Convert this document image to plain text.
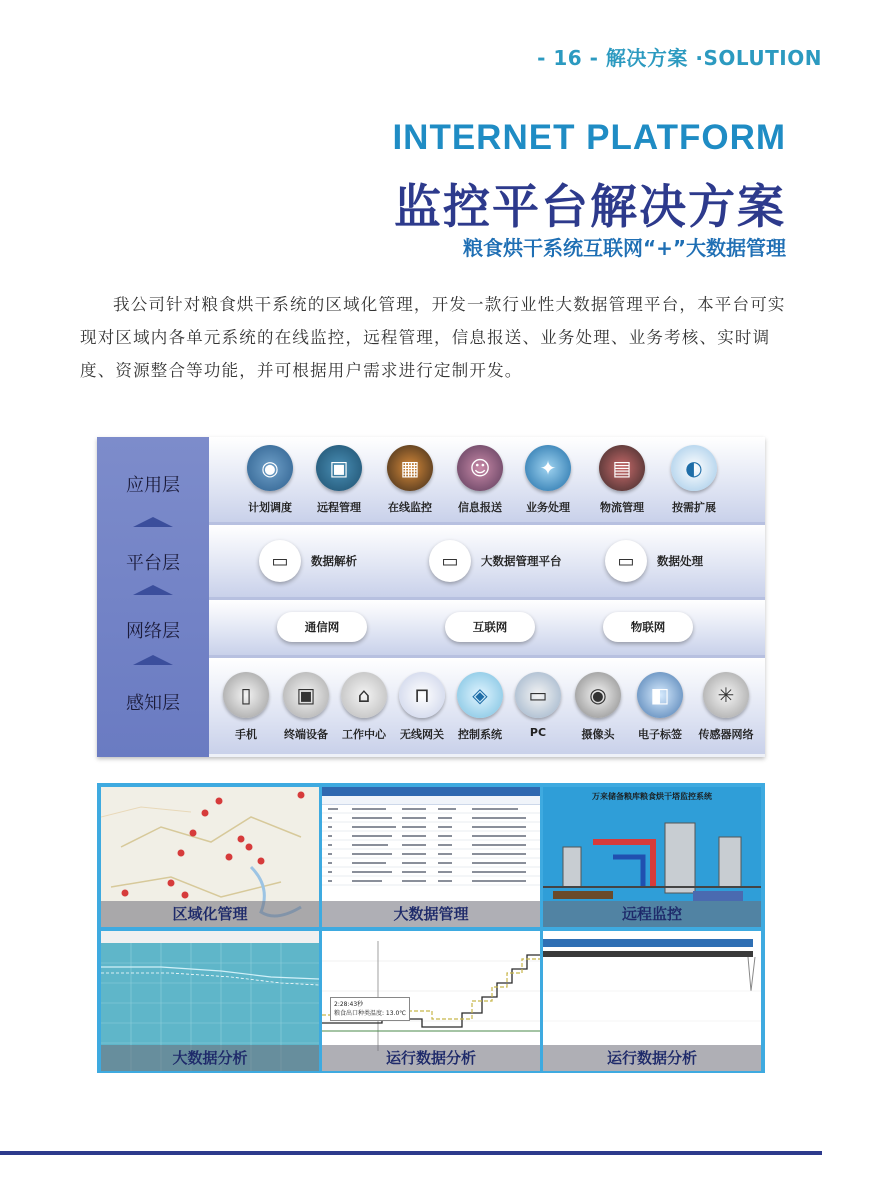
- 16 - 解决方案 ·SOLUTION
INTERNET PLATFORM
监控平台解决方案
粮食烘干系统互联网“+”大数据管理
我公司针对粮食烘干系统的区域化管理，开发一款行业性大数据管理平台，本平台可实现对区域内各单元系统的在线监控，远程管理，信息报送、业务处理、业务考核、实时调度、资源整合等功能，并可根据用户需求进行定制开发。
应用层
平台层
网络层
感知层
◉
计划调度
▣
远程管理
▦
在线监控
☺
信息报送
✦
业务处理
▤
物流管理
◐
按需扩展
▭	数据解析	▭	大数据管理平台	▭	数据处理
通信网	互联网	物联网
▯
手机
▣
终端设备
⌂
工作中心
⊓
无线网关
◈
控制系统
▭
PC
◉
摄像头
◧
电子标签
✳
传感器网络
区域化管理	大数据管理
万来储备粮库粮食烘干塔监控系统
远程监控
大数据分析
2:28:43秒
粮食出口种类温度: 13.0℃
运行数据分析	运行数据分析
